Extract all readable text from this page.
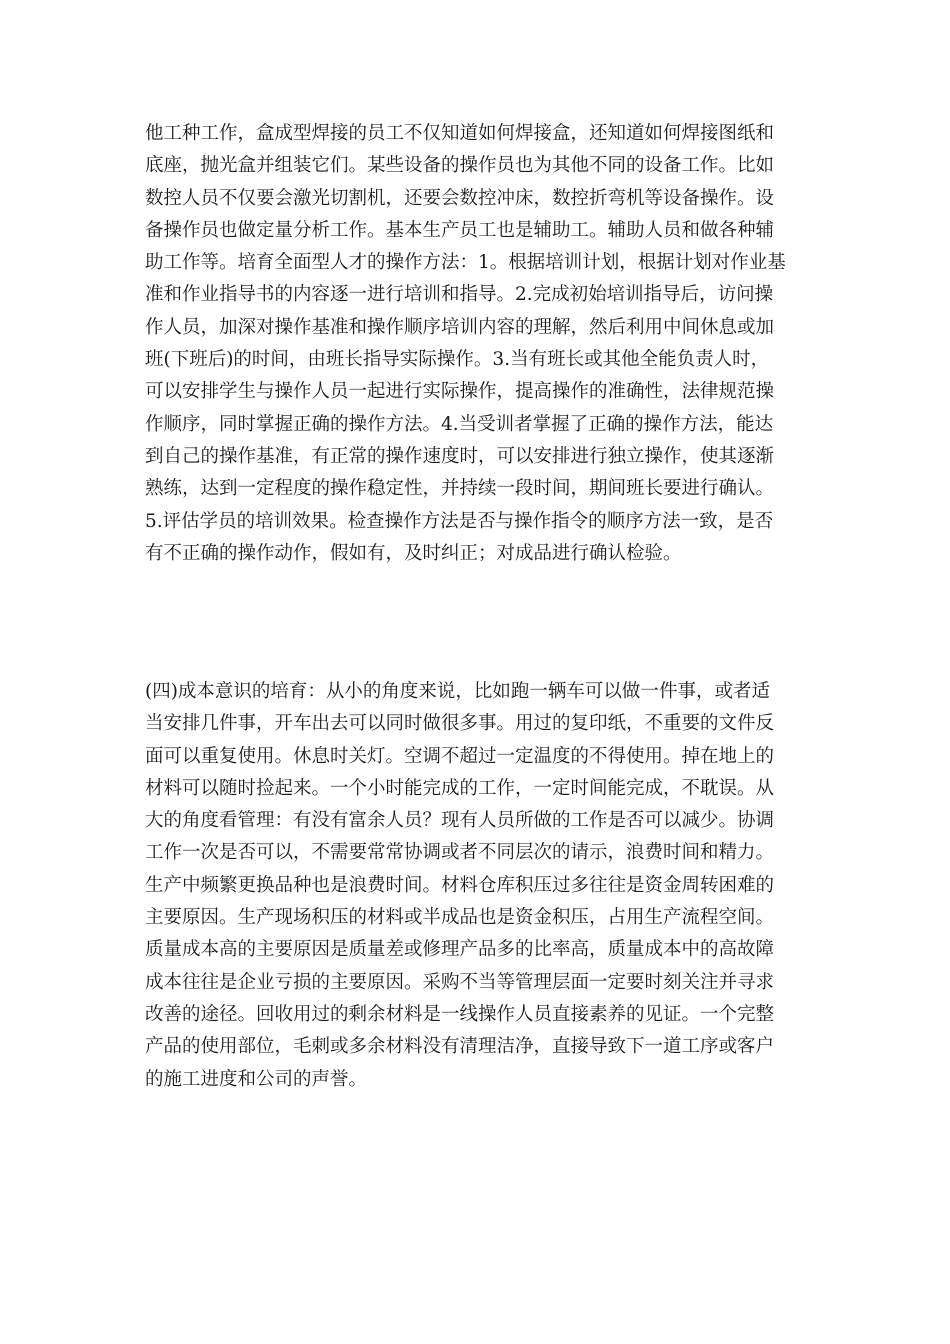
他工种工作，盒成型焊接的员工不仅知道如何焊接盒，还知道如何焊接图纸和
底座，抛光盒并组装它们。某些设备的操作员也为其他不同的设备工作。比如
数控人员不仅要会激光切割机，还要会数控冲床，数控折弯机等设备操作。设
备操作员也做定量分析工作。基本生产员工也是辅助工。辅助人员和做各种辅
助工作等。培育全面型人才的操作方法：1。根据培训计划，根据计划对作业基
准和作业指导书的内容逐一进行培训和指导。2.完成初始培训指导后，访问操
作人员，加深对操作基准和操作顺序培训内容的理解，然后利用中间休息或加
班(下班后)的时间，由班长指导实际操作。3.当有班长或其他全能负责人时，
可以安排学生与操作人员一起进行实际操作，提高操作的准确性，法律规范操
作顺序，同时掌握正确的操作方法。4.当受训者掌握了正确的操作方法，能达
到自己的操作基准，有正常的操作速度时，可以安排进行独立操作，使其逐渐
熟练，达到一定程度的操作稳定性，并持续一段时间，期间班长要进行确认。
5.评估学员的培训效果。检查操作方法是否与操作指令的顺序方法一致，是否
有不正确的操作动作，假如有，及时纠正；对成品进行确认检验。

(四)成本意识的培育：从小的角度来说，比如跑一辆车可以做一件事，或者适
当安排几件事，开车出去可以同时做很多事。用过的复印纸，不重要的文件反
面可以重复使用。休息时关灯。空调不超过一定温度的不得使用。掉在地上的
材料可以随时捡起来。一个小时能完成的工作，一定时间能完成，不耽误。从
大的角度看管理：有没有富余人员？现有人员所做的工作是否可以减少。协调
工作一次是否可以，不需要常常协调或者不同层次的请示，浪费时间和精力。
生产中频繁更换品种也是浪费时间。材料仓库积压过多往往是资金周转困难的
主要原因。生产现场积压的材料或半成品也是资金积压，占用生产流程空间。
质量成本高的主要原因是质量差或修理产品多的比率高，质量成本中的高故障
成本往往是企业亏损的主要原因。采购不当等管理层面一定要时刻关注并寻求
改善的途径。回收用过的剩余材料是一线操作人员直接素养的见证。一个完整
产品的使用部位，毛刺或多余材料没有清理洁净，直接导致下一道工序或客户
的施工进度和公司的声誉。
